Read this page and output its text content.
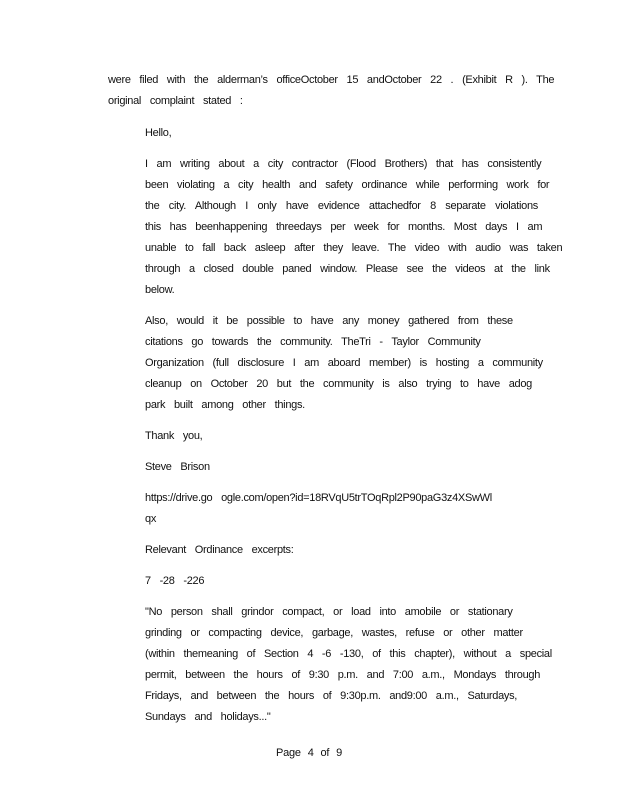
were filed with the alderman’s officeOctober 15 andOctober 22 . (Exhibit R ). The
original complaint stated :

Hello,

I am writing about a city contractor (Flood Brothers) that has consistently
been violating a city health and safety ordinance while performing work for
the city. Although I only have evidence attachedfor 8 separate violations
this has beenhappening threedays per week for months. Most days I am
unable to fall back asleep after they leave. The video with audio was taken
through a closed double paned window. Please see the videos at the link
below.

Also, would it be possible to have any money gathered from these
citations go towards the community. TheTri - Taylor Community
Organization (full disclosure I am aboard member) is hosting a community
cleanup on October 20 but the community is also trying to have adog
park built among other things.

Thank you,

Steve Brison

https://drive.go ogle.com/open?id=18RVqU5trTOqRpl2P90paG3z4XSwWl
qx

Relevant Ordinance excerpts:

7 -28 -226

"No person shall grindor compact, or load into amobile or stationary
grinding or compacting device, garbage, wastes, refuse or other matter
(within themeaning of Section 4 -6 -130, of this chapter), without a special
permit, between the hours of 9:30 p.m. and 7:00 a.m., Mondays through
Fridays, and between the hours of 9:30p.m. and9:00 a.m., Saturdays,
Sundays and holidays..."

Page 4 of 9
